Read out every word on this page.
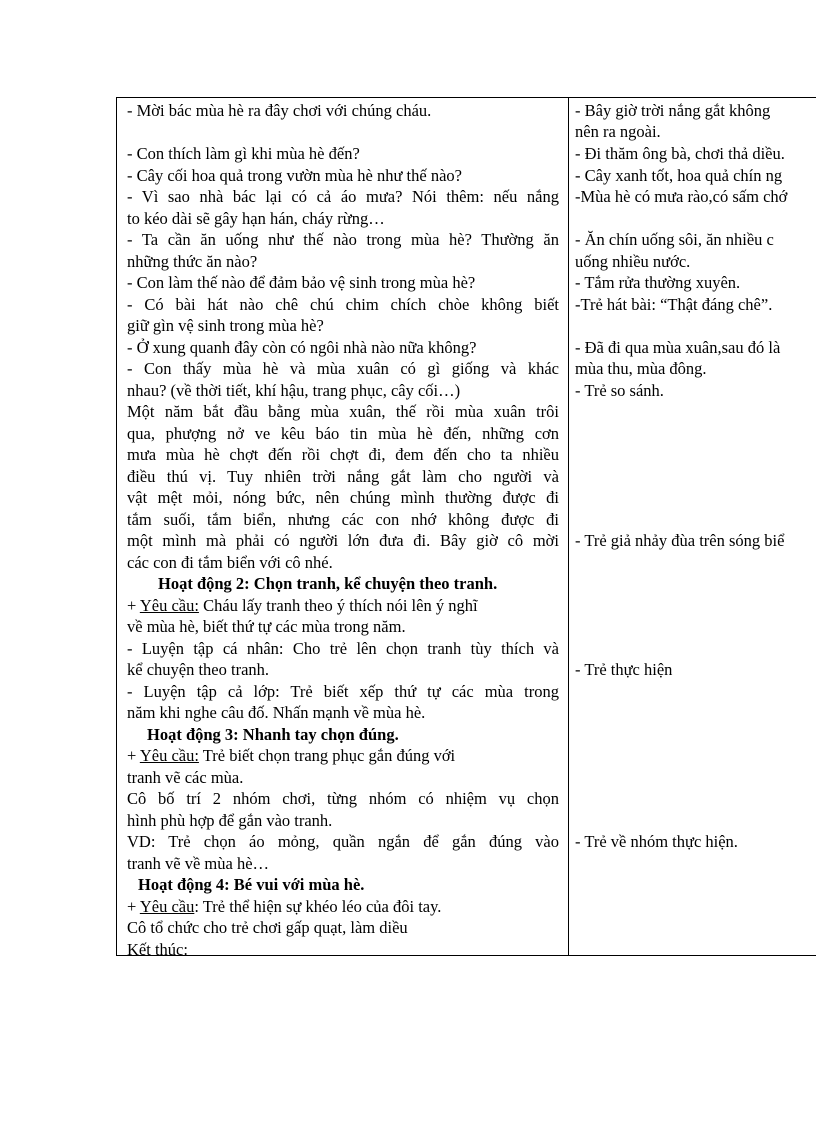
- Mời bác mùa hè ra đây chơi với chúng cháu.
- Con thích làm gì khi mùa hè đến?
- Cây cối hoa quả trong vườn mùa hè như thế nào?
- Vì sao nhà bác lại có cả áo mưa? Nói thêm: nếu nắng
to kéo dài sẽ gây hạn hán, cháy rừng…
- Ta cần ăn uống như thế nào trong mùa hè? Thường ăn
những thức ăn nào?
- Con làm thế nào để đảm bảo vệ sinh trong mùa hè?
- Có bài hát nào chê chú chim chích chòe không biết
giữ gìn vệ sinh trong mùa hè?
- Ở xung quanh đây còn có ngôi nhà nào nữa không?
- Con thấy mùa hè và mùa xuân có gì giống và khác
nhau? (về thời tiết, khí hậu, trang phục, cây cối…)
Một năm bắt đầu bằng mùa xuân, thế rồi mùa xuân trôi
qua, phượng nở ve kêu báo tin mùa hè đến, những cơn
mưa mùa hè chợt đến rồi chợt đi, đem đến cho ta nhiều
điều thú vị. Tuy nhiên trời nắng gắt làm cho người và
vật mệt mỏi, nóng bức, nên chúng mình thường được đi
tắm suối, tắm biển, nhưng các con nhớ không được đi
một mình mà phải có người lớn đưa đi. Bây giờ cô mời
các con đi tắm biển với cô nhé.
Hoạt động 2: Chọn tranh, kể chuyện theo tranh.
+ Yêu cầu: Cháu lấy tranh theo ý thích nói lên ý nghĩ
về mùa hè, biết thứ tự các mùa trong năm.
- Luyện tập cá nhân: Cho trẻ lên chọn tranh tùy thích và
kể chuyện theo tranh.
- Luyện tập cả lớp: Trẻ biết xếp thứ tự các mùa trong
năm khi nghe câu đố. Nhấn mạnh về mùa hè.
Hoạt động 3: Nhanh tay chọn đúng.
+ Yêu cầu: Trẻ biết chọn trang phục gắn đúng với
tranh vẽ các mùa.
Cô bố trí 2 nhóm chơi, từng nhóm có nhiệm vụ chọn
hình phù hợp để gắn vào tranh.
VD: Trẻ chọn áo mỏng, quần ngắn để gắn đúng vào
tranh vẽ về mùa hè…
Hoạt động 4: Bé vui với mùa hè.
+ Yêu cầu: Trẻ thể hiện sự khéo léo của đôi tay.
Cô tổ chức cho trẻ chơi gấp quạt, làm diều
Kết thúc:
- Bây giờ trời nắng gắt không
nên ra ngoài.
- Đi thăm ông bà, chơi thả diều.
- Cây xanh tốt, hoa quả chín ng
-Mùa hè có mưa rào,có sấm chớ
- Ăn chín uống sôi, ăn nhiều c
uống nhiều nước.
- Tắm rửa thường xuyên.
-Trẻ hát bài: “Thật đáng chê”.
- Đã đi qua mùa xuân,sau đó là
mùa thu, mùa đông.
- Trẻ so sánh.
- Trẻ giả nhảy đùa trên sóng biể
- Trẻ thực hiện
- Trẻ về nhóm thực hiện.
